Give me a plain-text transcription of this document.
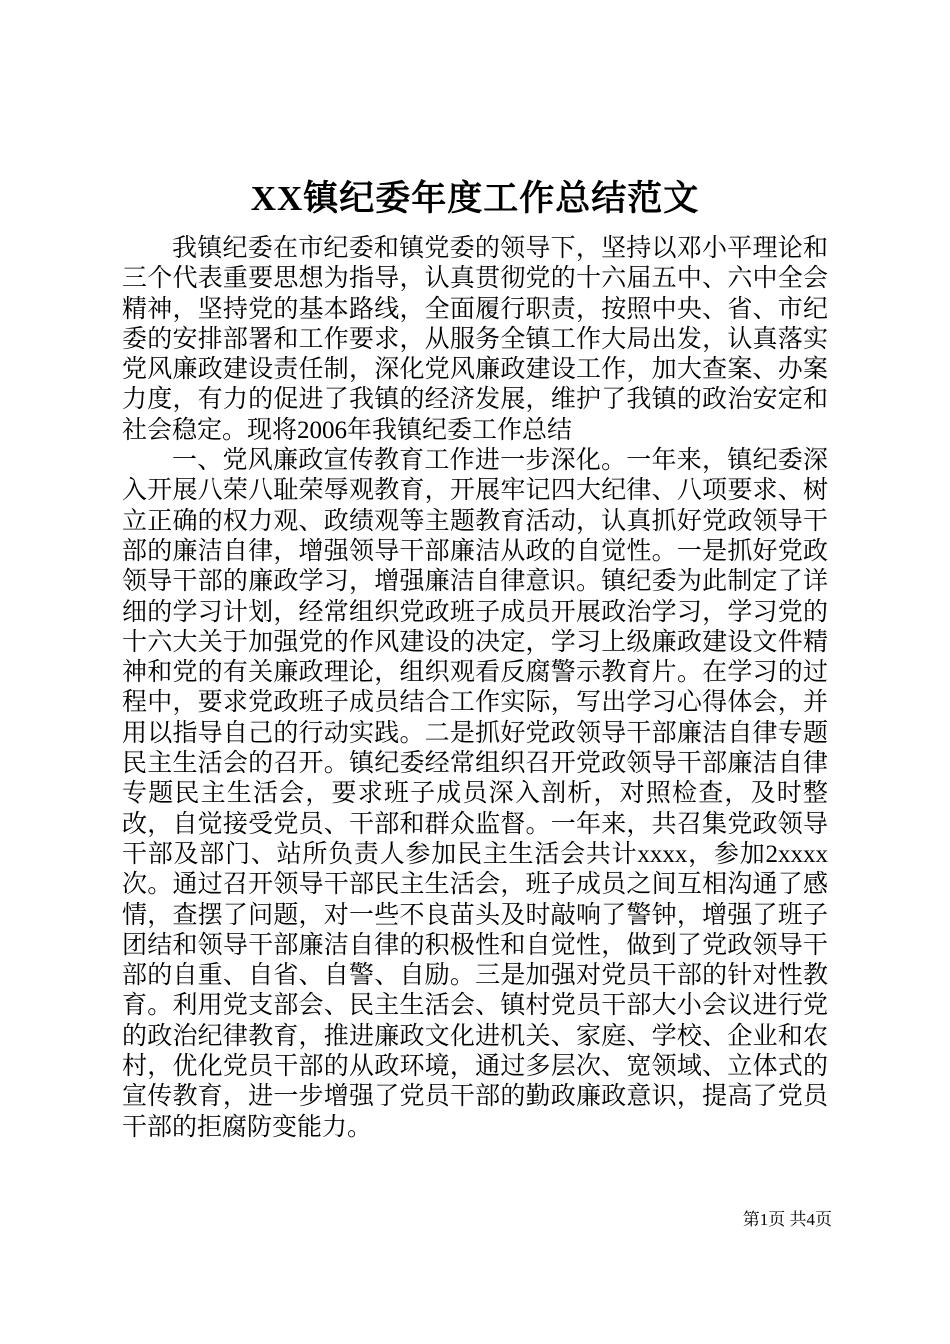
XX镇纪委年度工作总结范文

我镇纪委在市纪委和镇党委的领导下，坚持以邓小平理论和三个代表重要思想为指导，认真贯彻党的十六届五中、六中全会精神，坚持党的基本路线，全面履行职责，按照中央、省、市纪委的安排部署和工作要求，从服务全镇工作大局出发，认真落实党风廉政建设责任制，深化党风廉政建设工作，加大查案、办案力度，有力的促进了我镇的经济发展，维护了我镇的政治安定和社会稳定。现将2006年我镇纪委工作总结

一、党风廉政宣传教育工作进一步深化。一年来，镇纪委深入开展八荣八耻荣辱观教育，开展牢记四大纪律、八项要求、树立正确的权力观、政绩观等主题教育活动，认真抓好党政领导干部的廉洁自律，增强领导干部廉洁从政的自觉性。一是抓好党政领导干部的廉政学习，增强廉洁自律意识。镇纪委为此制定了详细的学习计划，经常组织党政班子成员开展政治学习，学习党的十六大关于加强党的作风建设的决定，学习上级廉政建设文件精神和党的有关廉政理论，组织观看反腐警示教育片。在学习的过程中，要求党政班子成员结合工作实际，写出学习心得体会，并用以指导自己的行动实践。二是抓好党政领导干部廉洁自律专题民主生活会的召开。镇纪委经常组织召开党政领导干部廉洁自律专题民主生活会，要求班子成员深入剖析，对照检查，及时整改，自觉接受党员、干部和群众监督。一年来，共召集党政领导干部及部门、站所负责人参加民主生活会共计xxxx，参加2xxxx次。通过召开领导干部民主生活会，班子成员之间互相沟通了感情，查摆了问题，对一些不良苗头及时敲响了警钟，增强了班子团结和领导干部廉洁自律的积极性和自觉性，做到了党政领导干部的自重、自省、自警、自励。三是加强对党员干部的针对性教育。利用党支部会、民主生活会、镇村党员干部大小会议进行党的政治纪律教育，推进廉政文化进机关、家庭、学校、企业和农村，优化党员干部的从政环境，通过多层次、宽领域、立体式的宣传教育，进一步增强了党员干部的勤政廉政意识，提高了党员干部的拒腐防变能力。

第1页 共4页
